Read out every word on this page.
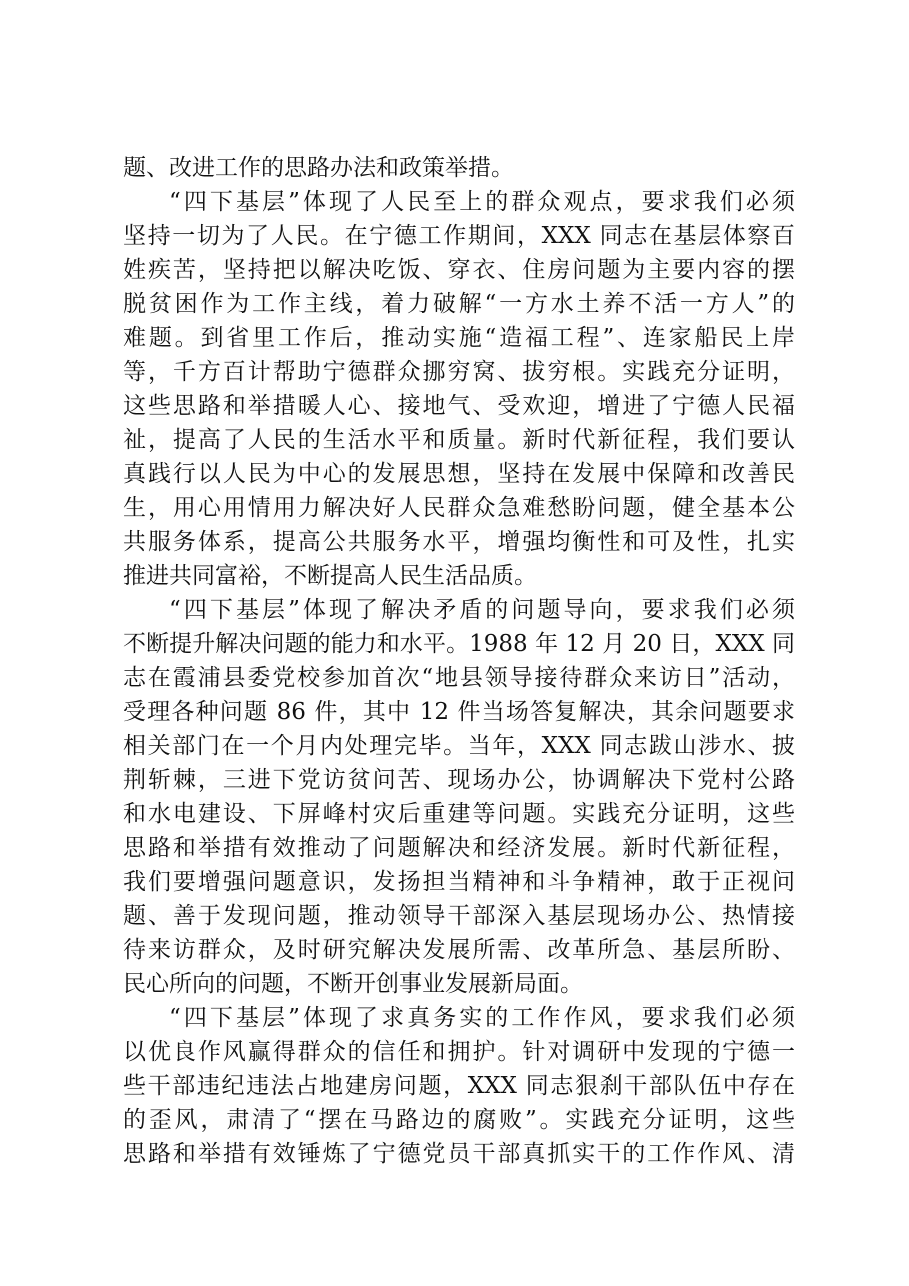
题、改进工作的思路办法和政策举措。
“四下基层”体现了人民至上的群众观点，要求我们必须
坚持一切为了人民。在宁德工作期间，XXX 同志在基层体察百
姓疾苦，坚持把以解决吃饭、穿衣、住房问题为主要内容的摆
脱贫困作为工作主线，着力破解“一方水土养不活一方人”的
难题。到省里工作后，推动实施“造福工程”、连家船民上岸
等，千方百计帮助宁德群众挪穷窝、拔穷根。实践充分证明，
这些思路和举措暖人心、接地气、受欢迎，增进了宁德人民福
祉，提高了人民的生活水平和质量。新时代新征程，我们要认
真践行以人民为中心的发展思想，坚持在发展中保障和改善民
生，用心用情用力解决好人民群众急难愁盼问题，健全基本公
共服务体系，提高公共服务水平，增强均衡性和可及性，扎实
推进共同富裕，不断提高人民生活品质。
“四下基层”体现了解决矛盾的问题导向，要求我们必须
不断提升解决问题的能力和水平。1988 年 12 月 20 日，XXX 同
志在霞浦县委党校参加首次“地县领导接待群众来访日”活动，
受理各种问题 86 件，其中 12 件当场答复解决，其余问题要求
相关部门在一个月内处理完毕。当年，XXX 同志跋山涉水、披
荆斩棘，三进下党访贫问苦、现场办公，协调解决下党村公路
和水电建设、下屏峰村灾后重建等问题。实践充分证明，这些
思路和举措有效推动了问题解决和经济发展。新时代新征程，
我们要增强问题意识，发扬担当精神和斗争精神，敢于正视问
题、善于发现问题，推动领导干部深入基层现场办公、热情接
待来访群众，及时研究解决发展所需、改革所急、基层所盼、
民心所向的问题，不断开创事业发展新局面。
“四下基层”体现了求真务实的工作作风，要求我们必须
以优良作风赢得群众的信任和拥护。针对调研中发现的宁德一
些干部违纪违法占地建房问题，XXX 同志狠刹干部队伍中存在
的歪风，肃清了“摆在马路边的腐败”。实践充分证明，这些
思路和举措有效锤炼了宁德党员干部真抓实干的工作作风、清
